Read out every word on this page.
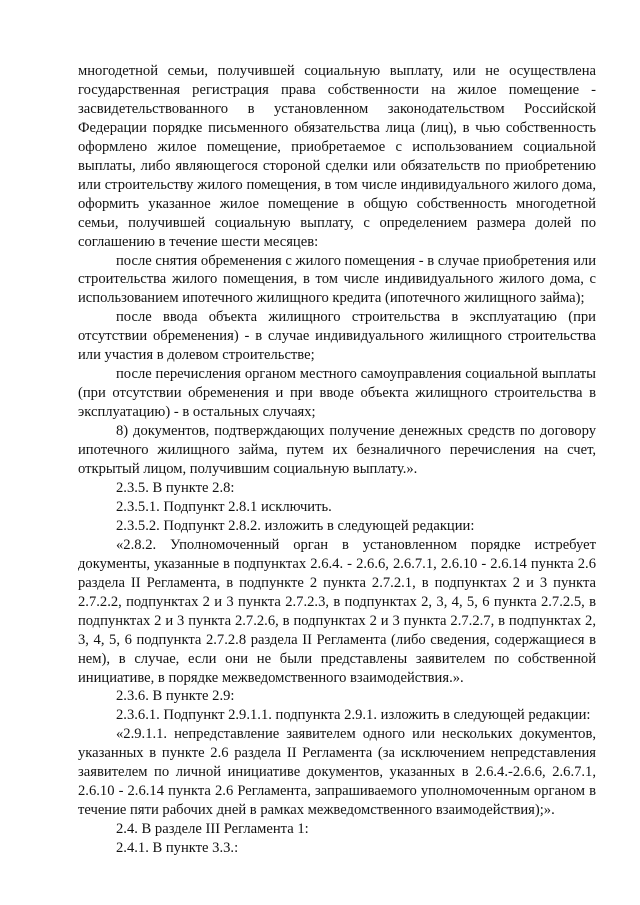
многодетной семьи, получившей социальную выплату, или не осуществлена государственная регистрация права собственности на жилое помещение - засвидетельствованного в установленном законодательством Российской Федерации порядке письменного обязательства лица (лиц), в чью собственность оформлено жилое помещение, приобретаемое с использованием социальной выплаты, либо являющегося стороной сделки или обязательств по приобретению или строительству жилого помещения, в том числе индивидуального жилого дома, оформить указанное жилое помещение в общую собственность многодетной семьи, получившей социальную выплату, с определением размера долей по соглашению в течение шести месяцев:

после снятия обременения с жилого помещения - в случае приобретения или строительства жилого помещения, в том числе индивидуального жилого дома, с использованием ипотечного жилищного кредита (ипотечного жилищного займа);

после ввода объекта жилищного строительства в эксплуатацию (при отсутствии обременения) - в случае индивидуального жилищного строительства или участия в долевом строительстве;

после перечисления органом местного самоуправления социальной выплаты (при отсутствии обременения и при вводе объекта жилищного строительства в эксплуатацию) - в остальных случаях;

8) документов, подтверждающих получение денежных средств по договору ипотечного жилищного займа, путем их безналичного перечисления на счет, открытый лицом, получившим социальную выплату.».

2.3.5. В пункте 2.8:

2.3.5.1. Подпункт 2.8.1 исключить.

2.3.5.2. Подпункт 2.8.2. изложить в следующей редакции:

«2.8.2. Уполномоченный орган в установленном порядке истребует документы, указанные в подпунктах 2.6.4. - 2.6.6, 2.6.7.1, 2.6.10 - 2.6.14 пункта 2.6 раздела II Регламента, в подпункте 2 пункта 2.7.2.1, в подпунктах 2 и 3 пункта 2.7.2.2, подпунктах 2 и 3 пункта 2.7.2.3, в подпунктах 2, 3, 4, 5, 6 пункта 2.7.2.5, в подпунктах 2 и 3 пункта 2.7.2.6, в подпунктах 2 и 3 пункта 2.7.2.7, в подпунктах 2, 3, 4, 5, 6 подпункта 2.7.2.8 раздела II Регламента (либо сведения, содержащиеся в нем), в случае, если они не были представлены заявителем по собственной инициативе, в порядке межведомственного взаимодействия.».

2.3.6. В пункте 2.9:

2.3.6.1. Подпункт 2.9.1.1. подпункта 2.9.1. изложить в следующей редакции:

«2.9.1.1. непредставление заявителем одного или нескольких документов, указанных в пункте 2.6 раздела II Регламента (за исключением непредставления заявителем по личной инициативе документов, указанных в 2.6.4.-2.6.6, 2.6.7.1, 2.6.10 - 2.6.14 пункта 2.6 Регламента, запрашиваемого уполномоченным органом в течение пяти рабочих дней в рамках межведомственного взаимодействия);».

2.4. В разделе III Регламента 1:

2.4.1. В пункте 3.3.:
